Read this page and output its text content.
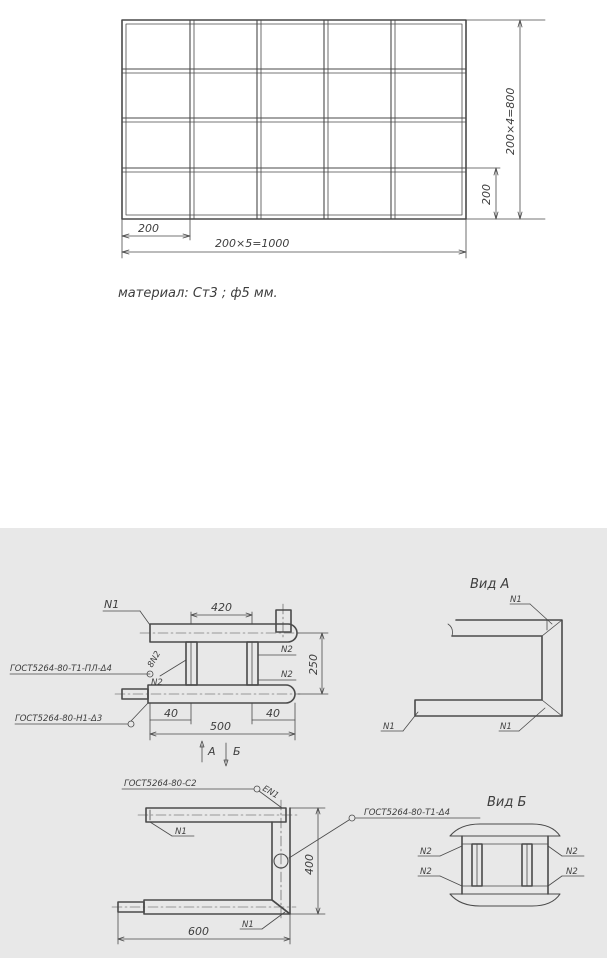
200
200×5=1000
200
200×4=800
материал: Cт3 ; ф5 мм.
420
250
40	40
500
N1
ГОСТ5264-80-Т1-ПЛ-Δ4	8N2
N2
ГОСТ5264-80-Н1-Δ3
N2
N2
А Б
Вид А
N1
N1	N1
ГОСТ5264-80-С2	ЕN1
ГОСТ5264-80-Т1-Δ4
N1
N1
400
600
Вид Б
N2
N2
N2
N2
